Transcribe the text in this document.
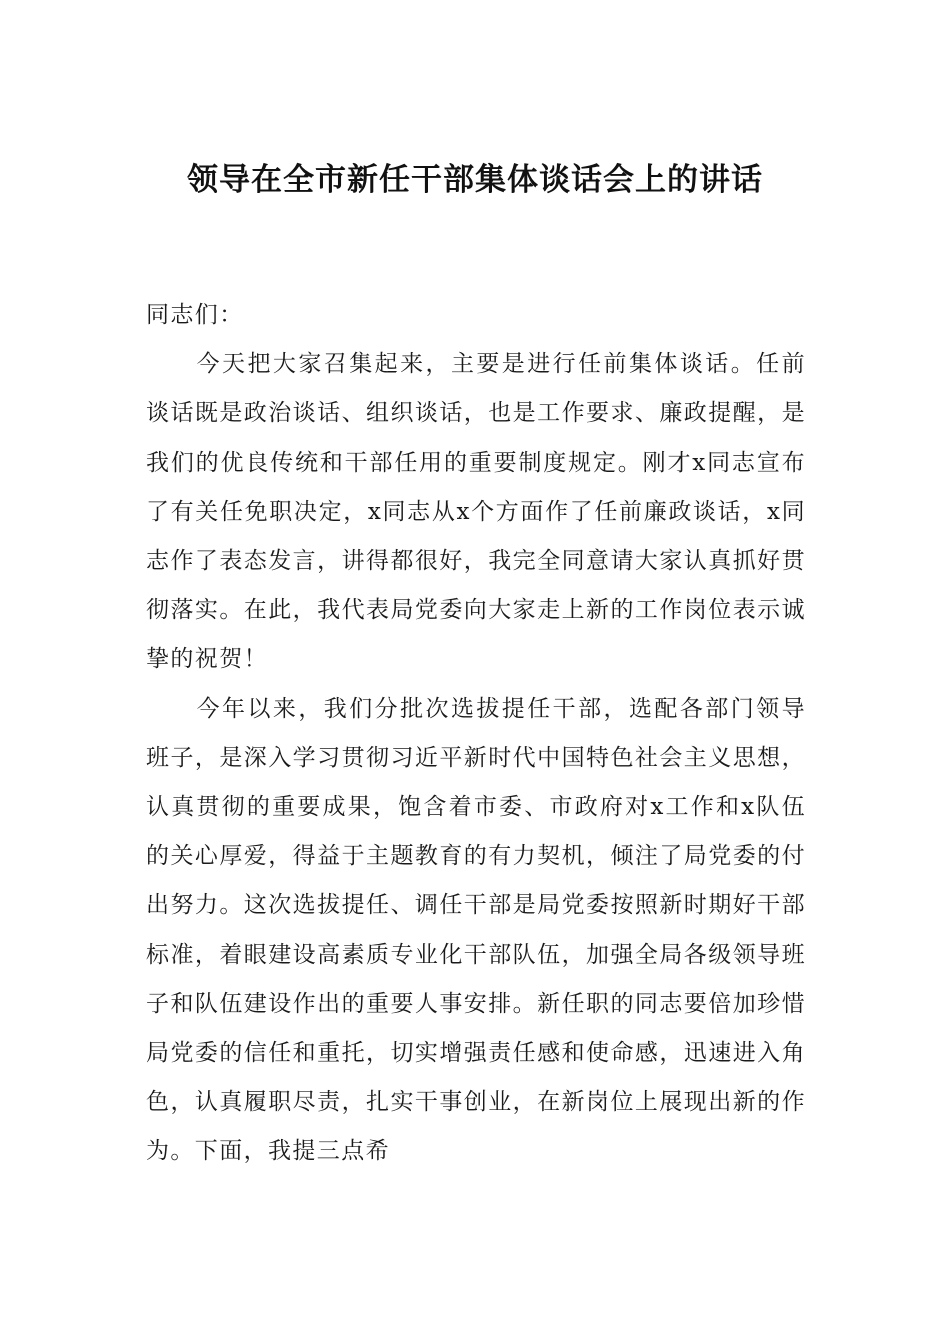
领导在全市新任干部集体谈话会上的讲话

同志们：

今天把大家召集起来，主要是进行任前集体谈话。任前谈话既是政治谈话、组织谈话，也是工作要求、廉政提醒，是我们的优良传统和干部任用的重要制度规定。刚才x同志宣布了有关任免职决定，x同志从x个方面作了任前廉政谈话，x同志作了表态发言，讲得都很好，我完全同意请大家认真抓好贯彻落实。在此，我代表局党委向大家走上新的工作岗位表示诚挚的祝贺！

今年以来，我们分批次选拔提任干部，选配各部门领导班子，是深入学习贯彻习近平新时代中国特色社会主义思想，认真贯彻的重要成果，饱含着市委、市政府对x工作和x队伍的关心厚爱，得益于主题教育的有力契机，倾注了局党委的付出努力。这次选拔提任、调任干部是局党委按照新时期好干部标准，着眼建设高素质专业化干部队伍，加强全局各级领导班子和队伍建设作出的重要人事安排。新任职的同志要倍加珍惜局党委的信任和重托，切实增强责任感和使命感，迅速进入角色，认真履职尽责，扎实干事创业，在新岗位上展现出新的作为。下面，我提三点希
